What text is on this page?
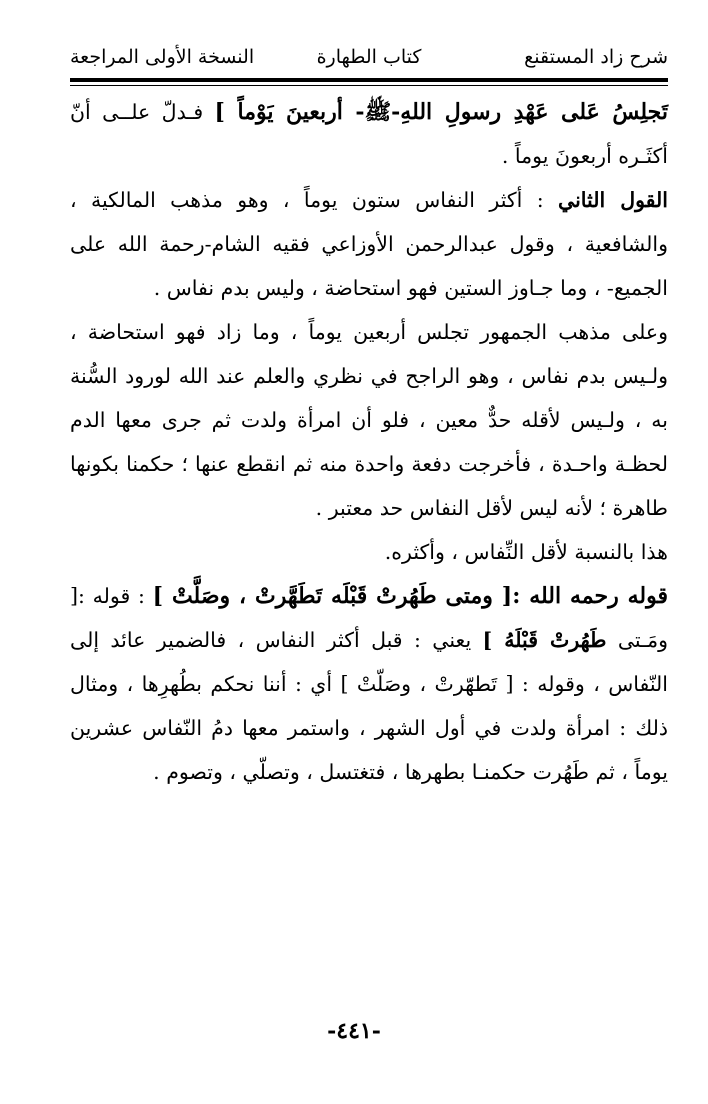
شرح زاد المستقنع
كتاب الطهارة
النسخة الأولى المراجعة

تَجلِسُ عَلى عَهْدِ رسولِ اللهِ-ﷺ- أربعينَ يَوْماً ] فـدلّ علــى أنّ أكثَـره أربعونَ يوماً .

القول الثاني : أكثر النفاس ستون يوماً ، وهو مذهب المالكية ، والشافعية ، وقول عبدالرحمن الأوزاعي فقيه الشام-رحمة الله على الجميع- ، وما جـاوز الستين فهو استحاضة ، وليس بدم نفاس .

وعلى مذهب الجمهور تجلس أربعين يوماً ، وما زاد فهو استحاضة ، ولـيس بدم نفاس ، وهو الراجح في نظري والعلم عند الله لورود السُّنة به ، ولـيس لأقله حدٌّ معين ، فلو أن امرأة ولدت ثم جرى معها الدم لحظـة واحـدة ، فأخرجت دفعة واحدة منه ثم انقطع عنها ؛ حكمنا بكونها طاهرة ؛ لأنه ليس لأقل النفاس حد معتبر .

هذا بالنسبة لأقل النِّفاس ، وأكثره.

قوله رحمه الله :[ ومتى طَهُرتْ قَبْلَه تَطَهَّرتْ ، وصَلَّتْ ] : قوله :[ ومَـتى طَهُرتْ قَبْلَهُ ] يعني : قبل أكثر النفاس ، فالضمير عائد إلى النّفاس ، وقوله : [ تَطهّرتْ ، وصَلّتْ ] أي : أننا نحكم بطُهرِها ، ومثال ذلك : امرأة ولدت في أول الشهر ، واستمر معها دمُ النّفاس عشرين يوماً ، ثم طَهُرت حكمنـا بطهرها ، فتغتسل ، وتصلّي ، وتصوم .

-٤٤١-
